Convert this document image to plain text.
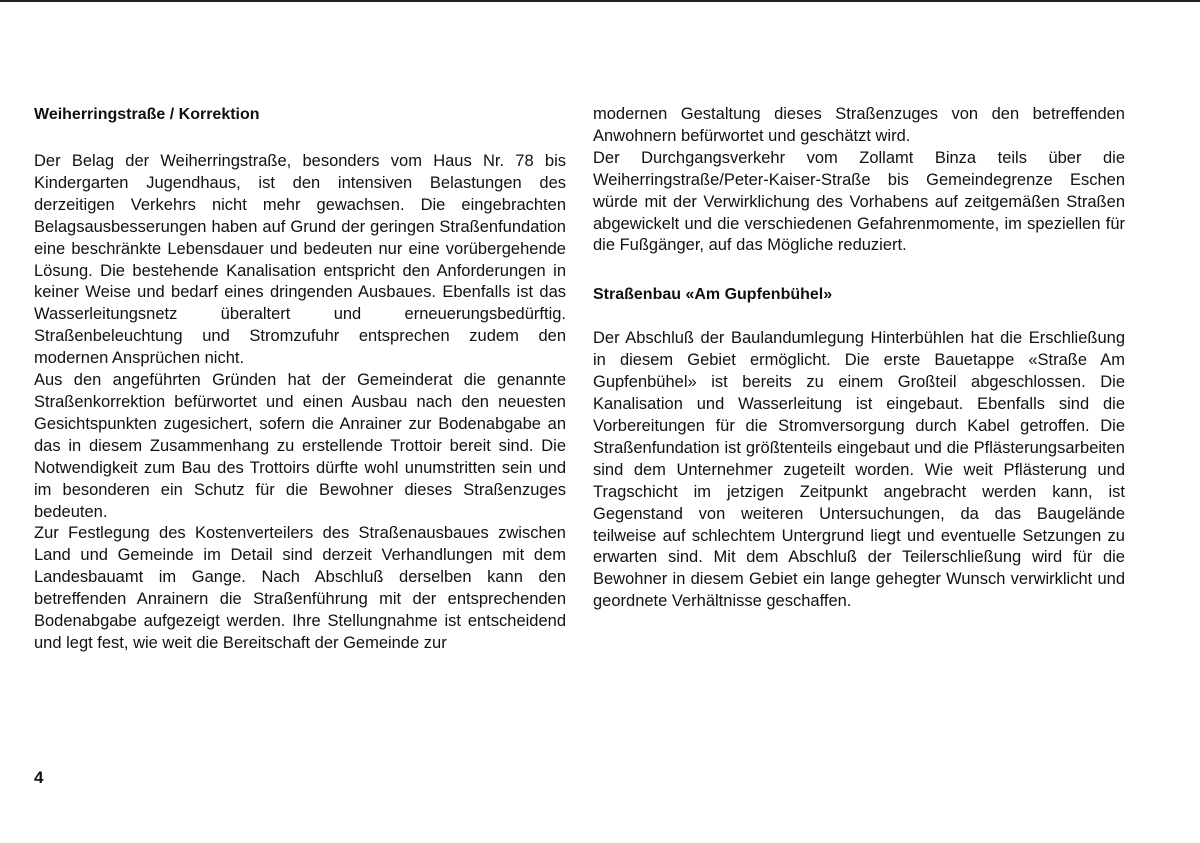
Weiherringstraße / Korrektion

Der Belag der Weiherringstraße, besonders vom Haus Nr. 78 bis Kindergarten Jugendhaus, ist den intensiven Belastungen des derzeitigen Verkehrs nicht mehr gewachsen. Die eingebrachten Belagsausbesserungen haben auf Grund der geringen Straßenfundation eine beschränkte Lebensdauer und bedeuten nur eine vorübergehende Lösung. Die bestehende Kanalisation entspricht den Anforderungen in keiner Weise und bedarf eines dringenden Ausbaues. Ebenfalls ist das Wasserleitungsnetz überaltert und erneuerungsbedürftig. Straßenbeleuchtung und Stromzufuhr entsprechen zudem den modernen Ansprüchen nicht.

Aus den angeführten Gründen hat der Gemeinderat die genannte Straßenkorrektion befürwortet und einen Ausbau nach den neuesten Gesichtspunkten zugesichert, sofern die Anrainer zur Bodenabgabe an das in diesem Zusammenhang zu erstellende Trottoir bereit sind. Die Notwendigkeit zum Bau des Trottoirs dürfte wohl unumstritten sein und im besonderen ein Schutz für die Bewohner dieses Straßenzuges bedeuten.

Zur Festlegung des Kostenverteilers des Straßenausbaues zwischen Land und Gemeinde im Detail sind derzeit Verhandlungen mit dem Landesbauamt im Gange. Nach Abschluß derselben kann den betreffenden Anrainern die Straßenführung mit der entsprechenden Bodenabgabe aufgezeigt werden. Ihre Stellungnahme ist entscheidend und legt fest, wie weit die Bereitschaft der Gemeinde zur

modernen Gestaltung dieses Straßenzuges von den betreffenden Anwohnern befürwortet und geschätzt wird.

Der Durchgangsverkehr vom Zollamt Binza teils über die Weiherringstraße/Peter-Kaiser-Straße bis Gemeindegrenze Eschen würde mit der Verwirklichung des Vorhabens auf zeitgemäßen Straßen abgewickelt und die verschiedenen Gefahrenmomente, im speziellen für die Fußgänger, auf das Mögliche reduziert.

Straßenbau «Am Gupfenbühel»

Der Abschluß der Baulandumlegung Hinterbühlen hat die Erschließung in diesem Gebiet ermöglicht. Die erste Bauetappe «Straße Am Gupfenbühel» ist bereits zu einem Großteil abgeschlossen. Die Kanalisation und Wasserleitung ist eingebaut. Ebenfalls sind die Vorbereitungen für die Stromversorgung durch Kabel getroffen. Die Straßenfundation ist größtenteils eingebaut und die Pflästerungsarbeiten sind dem Unternehmer zugeteilt worden. Wie weit Pflästerung und Tragschicht im jetzigen Zeitpunkt angebracht werden kann, ist Gegenstand von weiteren Untersuchungen, da das Baugelände teilweise auf schlechtem Untergrund liegt und eventuelle Setzungen zu erwarten sind. Mit dem Abschluß der Teilerschließung wird für die Bewohner in diesem Gebiet ein lange gehegter Wunsch verwirklicht und geordnete Verhältnisse geschaffen.

4
